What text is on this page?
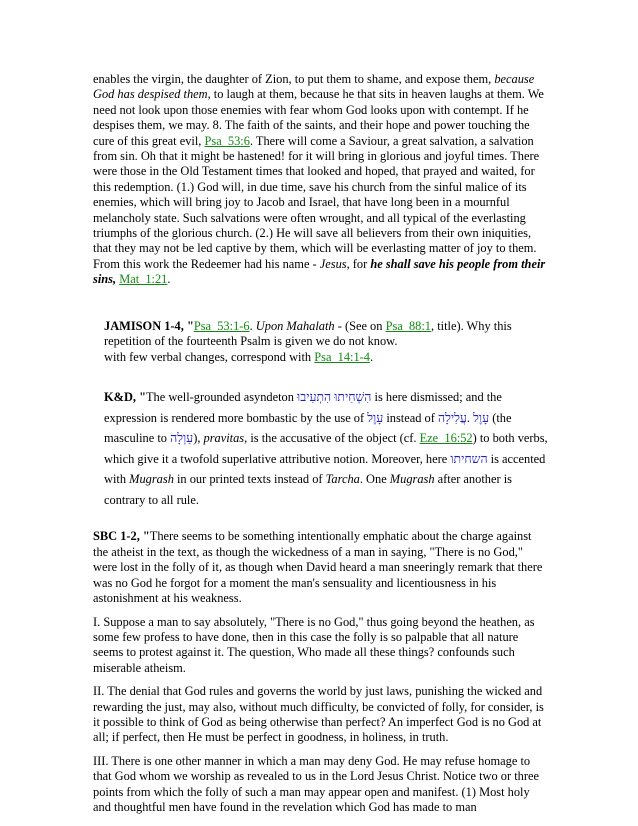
enables the virgin, the daughter of Zion, to put them to shame, and expose them, because God has despised them, to laugh at them, because he that sits in heaven laughs at them. We need not look upon those enemies with fear whom God looks upon with contempt. If he despises them, we may. 8. The faith of the saints, and their hope and power touching the cure of this great evil, Psa_53:6. There will come a Saviour, a great salvation, a salvation from sin. Oh that it might be hastened! for it will bring in glorious and joyful times. There were those in the Old Testament times that looked and hoped, that prayed and waited, for this redemption. (1.) God will, in due time, save his church from the sinful malice of its enemies, which will bring joy to Jacob and Israel, that have long been in a mournful melancholy state. Such salvations were often wrought, and all typical of the everlasting triumphs of the glorious church. (2.) He will save all believers from their own iniquities, that they may not be led captive by them, which will be everlasting matter of joy to them. From this work the Redeemer had his name - Jesus, for he shall save his people from their sins, Mat_1:21.

JAMISON 1-4, "Psa_53:1-6. Upon Mahalath - (See on Psa_88:1, title). Why this repetition of the fourteenth Psalm is given we do not know.

with few verbal changes, correspond with Psa_14:1-4.

K&D, "The well-grounded asyndeton הִשְׁחִיתוּ הִתְעִיבוּ is here dismissed; and the expression is rendered more bombastic by the use of עָוֶל instead of עֲלִילָה. עָוֶל (the masculine to עַוְלָה), pravitas, is the accusative of the object (cf. Eze_16:52) to both verbs, which give it a twofold superlative attributive notion. Moreover, here השחיתו is accented with Mugrash in our printed texts instead of Tarcha. One Mugrash after another is contrary to all rule.

SBC 1-2, "There seems to be something intentionally emphatic about the charge against the atheist in the text, as though the wickedness of a man in saying, "There is no God," were lost in the folly of it, as though when David heard a man sneeringly remark that there was no God he forgot for a moment the man's sensuality and licentiousness in his astonishment at his weakness.

I. Suppose a man to say absolutely, "There is no God," thus going beyond the heathen, as some few profess to have done, then in this case the folly is so palpable that all nature seems to protest against it. The question, Who made all these things? confounds such miserable atheism.

II. The denial that God rules and governs the world by just laws, punishing the wicked and rewarding the just, may also, without much difficulty, be convicted of folly, for consider, is it possible to think of God as being otherwise than perfect? An imperfect God is no God at all; if perfect, then He must be perfect in goodness, in holiness, in truth.

III. There is one other manner in which a man may deny God. He may refuse homage to that God whom we worship as revealed to us in the Lord Jesus Christ. Notice two or three points from which the folly of such a man may appear open and manifest. (1) Most holy and thoughtful men have found in the revelation which God has made to man
